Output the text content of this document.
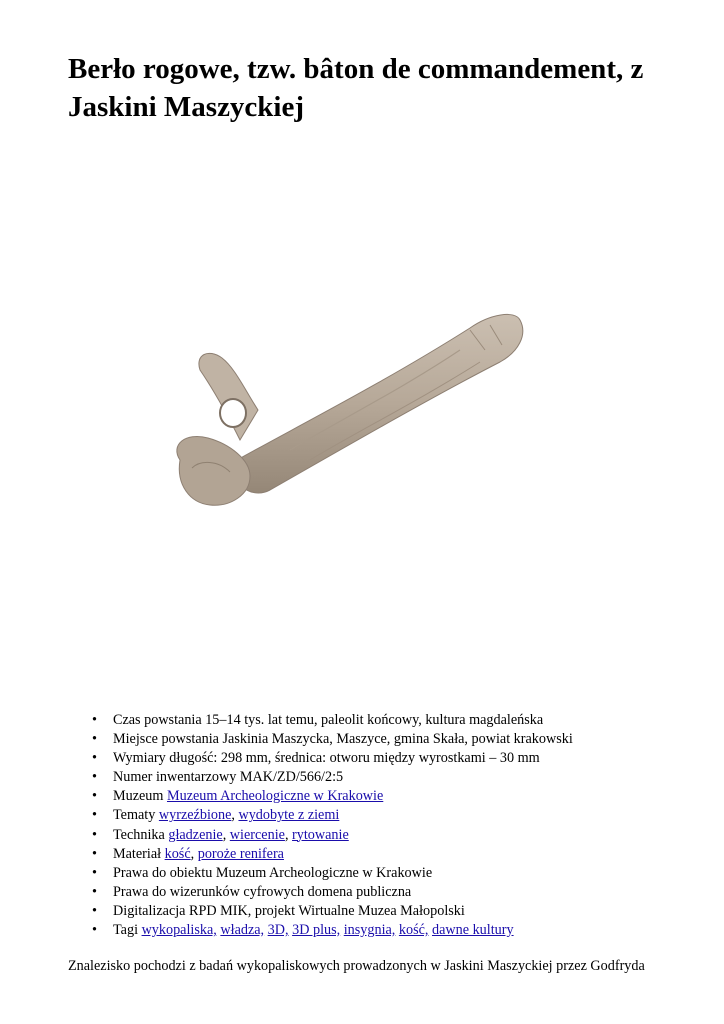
Berło rogowe, tzw. bâton de commandement, z Jaskini Maszyckiej
• Czas powstania 15–14 tys. lat temu, paleolit końcowy, kultura magdaleńska
• Miejsce powstania Jaskinia Maszycka, Maszyce, gmina Skała, powiat krakowski
• Wymiary długość: 298 mm, średnica: otworu między wyrostkami – 30 mm
• Numer inwentarzowy MAK/ZD/566/2:5
• Muzeum Muzeum Archeologiczne w Krakowie
• Tematy wyrzeźbione, wydobyte z ziemi
• Technika gładzenie, wiercenie, rytowanie
• Materiał kość, poroże renifera
• Prawa do obiektu Muzeum Archeologiczne w Krakowie
• Prawa do wizerunków cyfrowych domena publiczna
• Digitalizacja RPD MIK, projekt Wirtualne Muzea Małopolski
• Tagi wykopaliska, władza, 3D, 3D plus, insygnia, kość, dawne kultury

Znalezisko pochodzi z badań wykopaliskowych prowadzonych w Jaskini Maszyckiej przez Godfryda
